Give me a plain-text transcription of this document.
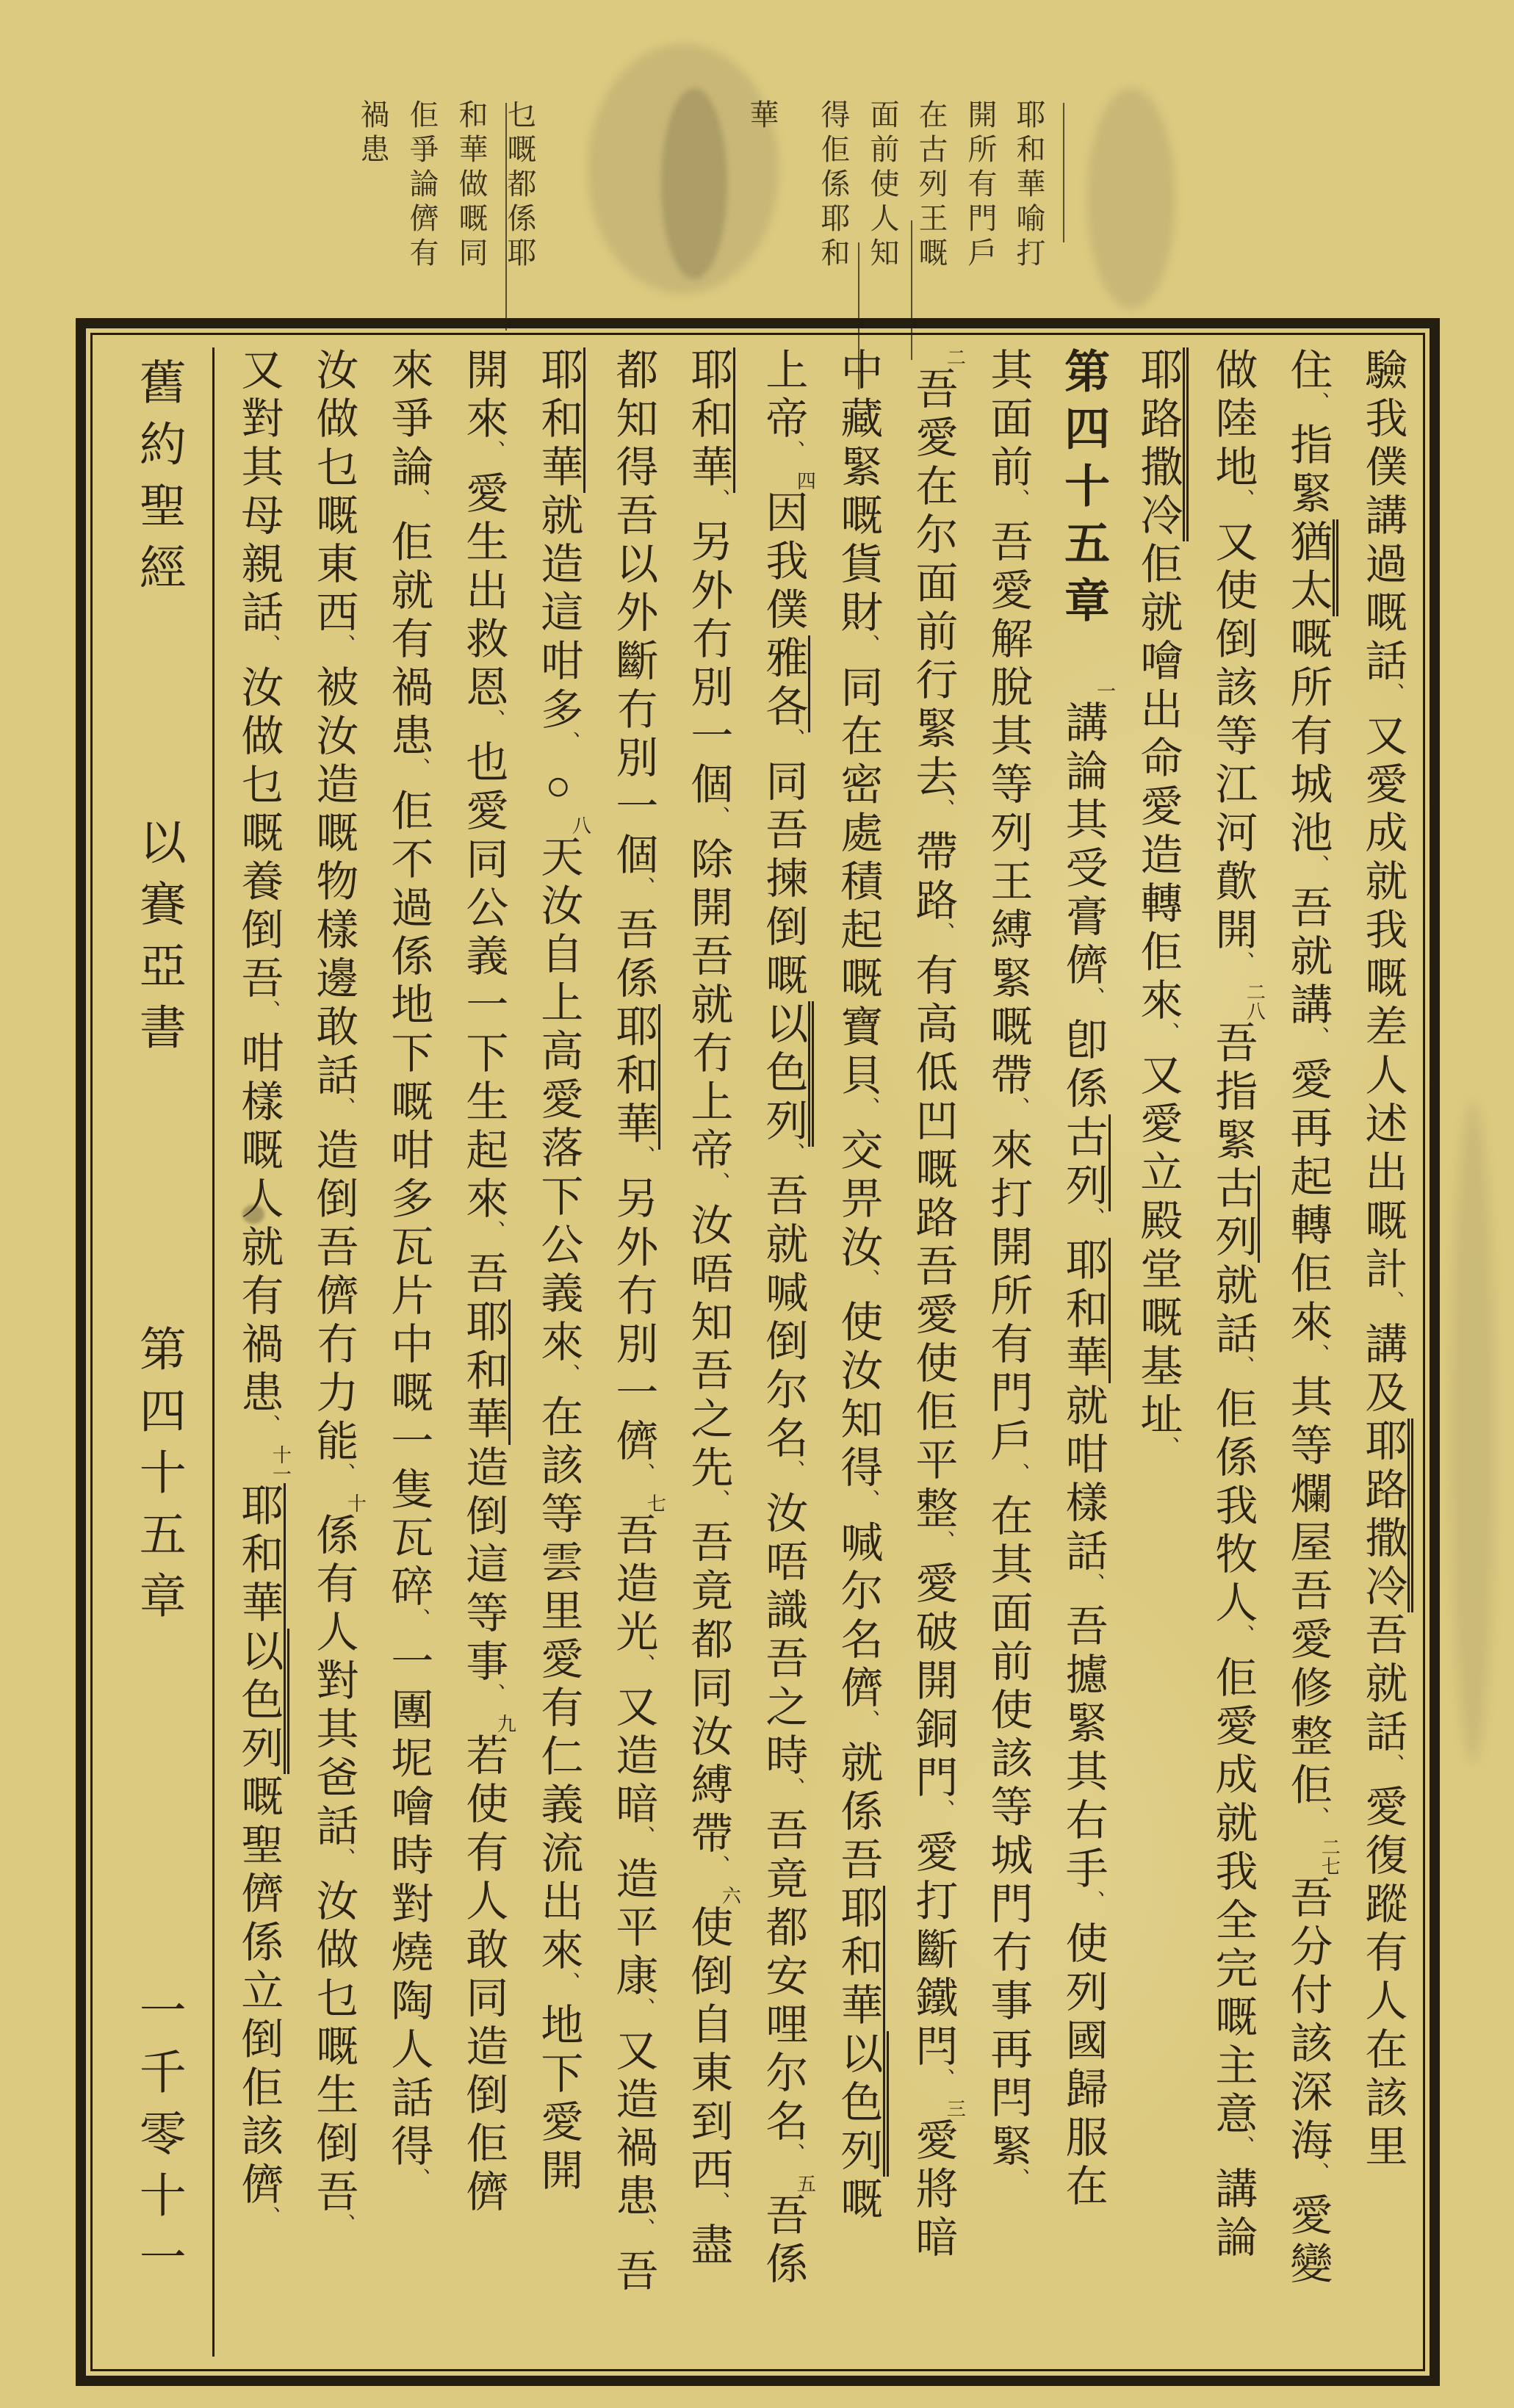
驗我僕講過嘅話、又愛成就我嘅差人述出嘅計、講及耶路撒冷吾就話、愛復蹤有人在該里
住、指緊猶太嘅所有城池、吾就講、愛再起轉佢來、其等爛屋吾愛修整佢、二七吾分付該深海、愛變
做陸地、又使倒該等江河歕開、二八吾指緊古列就話、佢係我牧人、佢愛成就我全完嘅主意、講論
耶路撒冷佢就噲出命愛造轉佢來、又愛立殿堂嘅基址、
第四十五章一講論其受膏儕、卽係古列、耶和華就咁樣話、吾攄緊其右手、使列國歸服在
其面前、吾愛解脫其等列王縛緊嘅帶、來打開所有門戶、在其面前使該等城門冇事再閂緊、
二吾愛在尔面前行緊去、帶路、有高低凹嘅路吾愛使佢平整、愛破開銅門、愛打斷鐵閂、三愛將暗
中藏緊嘅貨財、同在密處積起嘅寶貝、交畀汝、使汝知得、喊尔名儕、就係吾耶和華以色列嘅
上帝、四因我僕雅各、同吾揀倒嘅以色列、吾就喊倒尔名、汝唔識吾之時、吾竟都安哩尔名、五吾係
耶和華、另外冇別一個、除開吾就冇上帝、汝唔知吾之先、吾竟都同汝縛帶、六使倒自東到西、盡
都知得吾以外斷冇別一個、吾係耶和華、另外冇別一儕、七吾造光、又造暗、造平康、又造禍患、吾
耶和華就造這咁多、○八天汝自上高愛落下公義來、在該等雲里愛有仁義流出來、地下愛開
開來、愛生出救恩、也愛同公義一下生起來、吾耶和華造倒這等事、九若使有人敢同造倒佢儕
來爭論、佢就有禍患、佢不過係地下嘅咁多瓦片中嘅一隻瓦碎、一團坭噲時對燒陶人話得、
汝做乜嘅東西、被汝造嘅物樣邊敢話、造倒吾儕冇力能、十係有人對其爸話、汝做乜嘅生倒吾、
又對其母親話、汝做乜嘅養倒吾、咁樣嘅人就有禍患、十一耶和華以色列嘅聖儕係立倒佢該儕、
舊約聖經
以賽亞書
第四十五章
一千零十一
耶和華喻打
開所有門戶
在古列王嘅
面前使人知
得佢係耶和
華
乜嘅都係耶
和華做嘅同
佢爭論儕有
禍患
